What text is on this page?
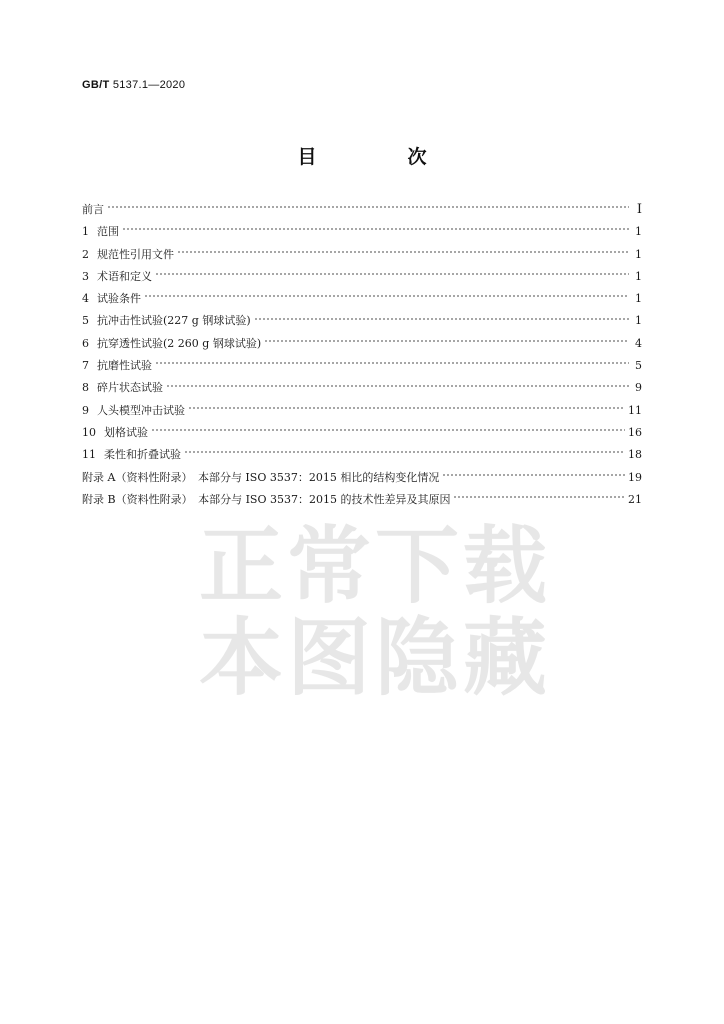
GB/T 5137.1—2020
目　次
前言	Ⅰ
1 范围	1
2 规范性引用文件	1
3 术语和定义	1
4 试验条件	1
5 抗冲击性试验(227 g 钢球试验)	1
6 抗穿透性试验(2 260 g 钢球试验)	4
7 抗磨性试验	5
8 碎片状态试验	9
9 人头模型冲击试验	11
10 划格试验	16
11 柔性和折叠试验	18
附录 A（资料性附录）　本部分与 ISO 3537：2015 相比的结构变化情况	19
附录 B（资料性附录）　本部分与 ISO 3537：2015 的技术性差异及其原因	21
正常下载
本图隐藏
